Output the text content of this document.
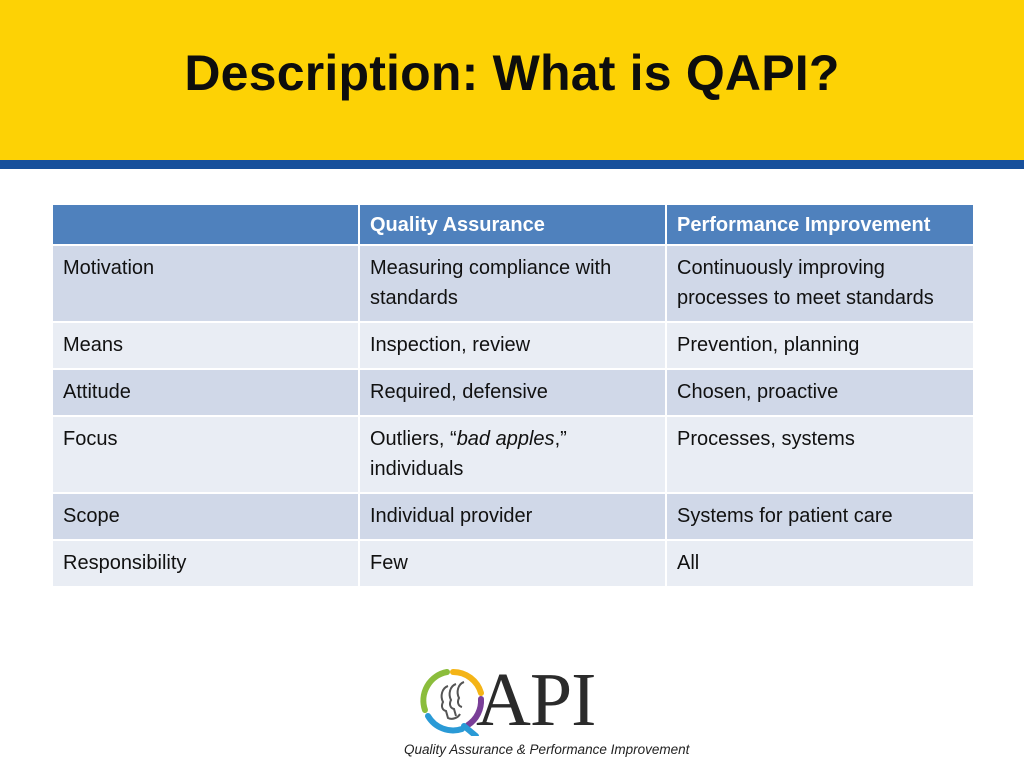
Description: What is QAPI?
	Quality Assurance	Performance Improvement
Motivation	Measuring compliance with standards	Continuously improving processes to meet standards
Means	Inspection, review	Prevention, planning
Attitude	Required, defensive	Chosen, proactive
Focus	Outliers, “bad apples,” individuals	Processes, systems
Scope	Individual provider	Systems for patient care
Responsibility	Few	All
API
Quality Assurance & Performance Improvement
